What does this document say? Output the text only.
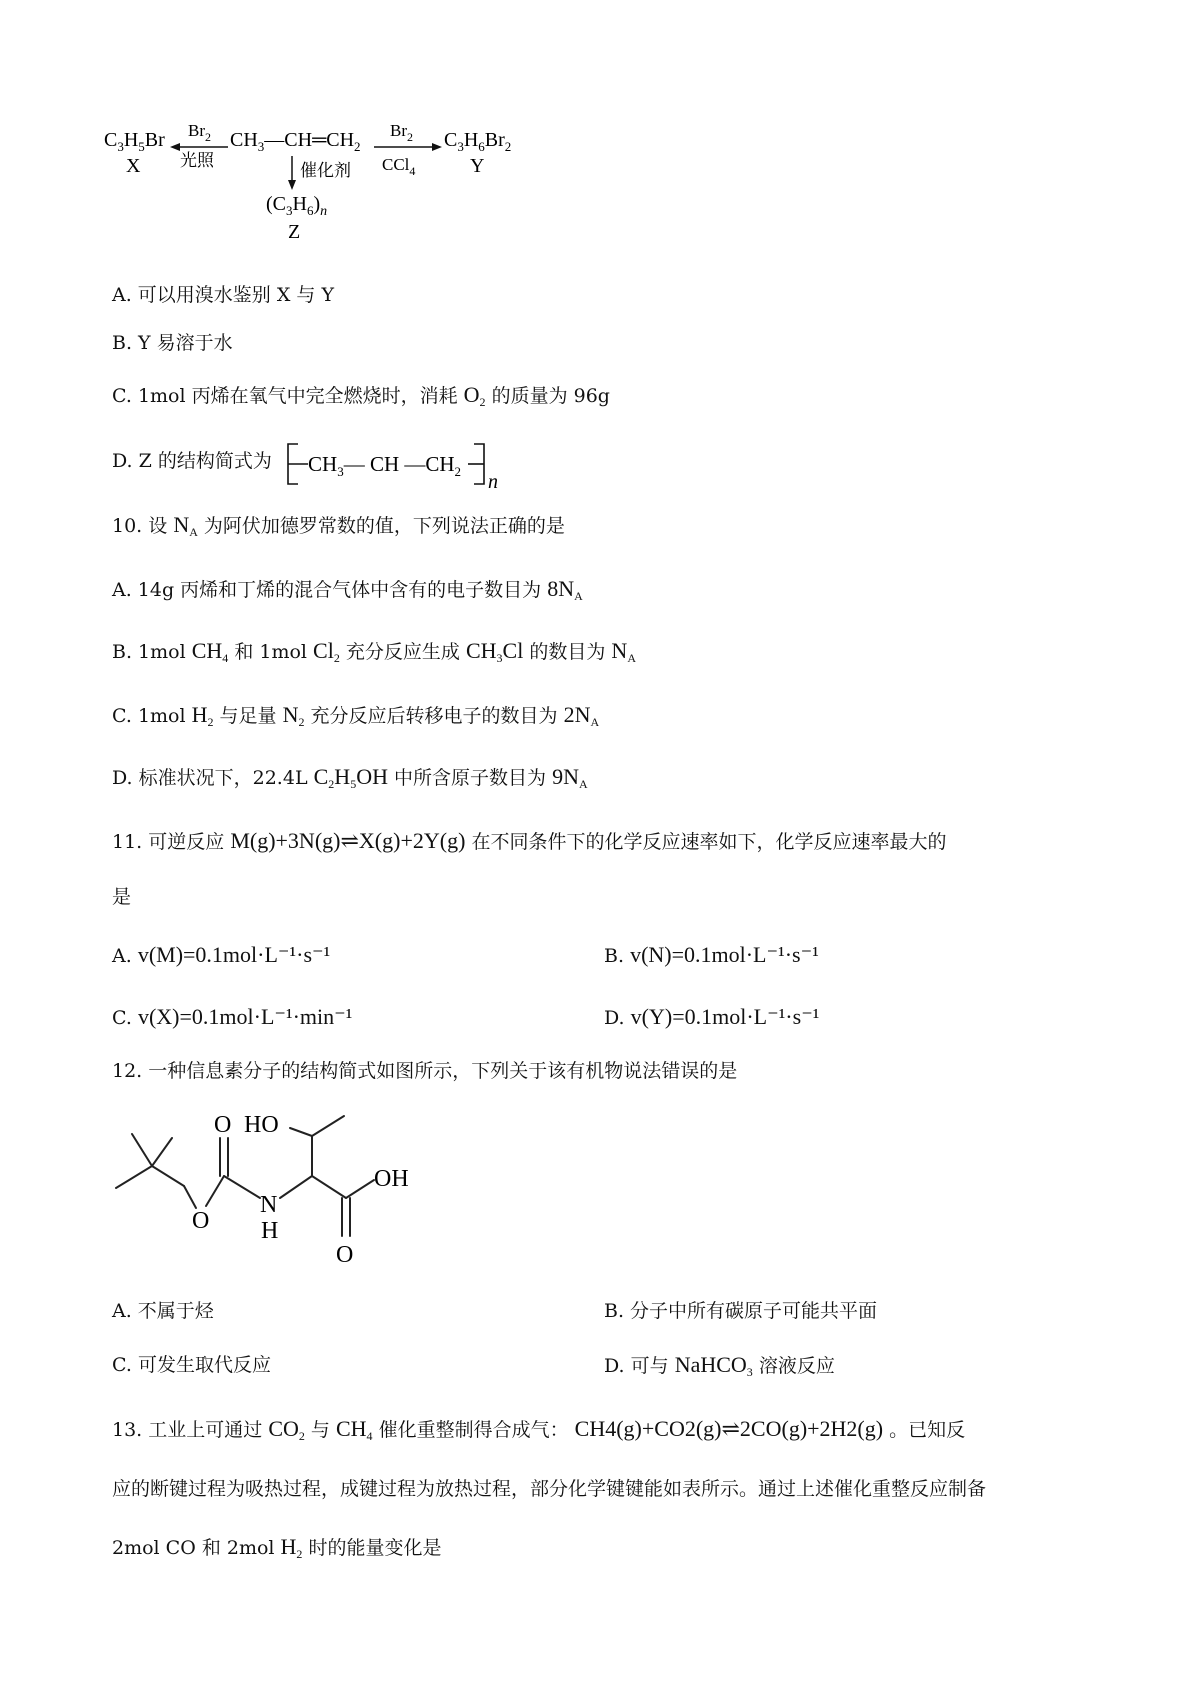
$C_3H_5Br$
X
$Br_2$
光照
$CH_3—CH═CH_2$
$Br_2$
CCl$_4$
$C_3H_6Br_2$
Y
催化剂
$(C_3H_6)_n$
Z
A. 可以用溴水鉴别 X 与 Y
B. Y 易溶于水
C. 1mol 丙烯在氧气中完全燃烧时，消耗 $O_2$ 的质量为 96g
D. Z 的结构简式为 $CH_3—$ CH $—CH_2$ n
10. 设 $N_A$ 为阿伏加德罗常数的值，下列说法正确的是
A. 14g 丙烯和丁烯的混合气体中含有的电子数目为 $8N_A$
B. 1mol $CH_4$ 和 1mol $Cl_2$ 充分反应生成 $CH_3Cl$ 的数目为 $N_A$
C. 1mol $H_2$ 与足量 $N_2$ 充分反应后转移电子的数目为 $2N_A$
D. 标准状况下，22.4L $C_2H_5OH$ 中所含原子数目为 $9N_A$
11. 可逆反应 M(g)+3N(g)⇌X(g)+2Y(g) 在不同条件下的化学反应速率如下，化学反应速率最大的
是
A. v(M)=0.1mol·L⁻¹·s⁻¹	B. v(N)=0.1mol·L⁻¹·s⁻¹
C. v(X)=0.1mol·L⁻¹·min⁻¹	D. v(Y)=0.1mol·L⁻¹·s⁻¹
12. 一种信息素分子的结构简式如图所示，下列关于该有机物说法错误的是
O
O
N
H
HO
OH
O
A. 不属于烃	B. 分子中所有碳原子可能共平面
C. 可发生取代反应	D. 可与 NaHCO$_3$ 溶液反应
13. 工业上可通过 $CO_2$ 与 $CH_4$ 催化重整制得合成气： CH4(g)+CO2(g)⇌2CO(g)+2H2(g) 。已知反
应的断键过程为吸热过程，成键过程为放热过程，部分化学键键能如表所示。通过上述催化重整反应制备
2mol CO 和 2mol $H_2$ 时的能量变化是
